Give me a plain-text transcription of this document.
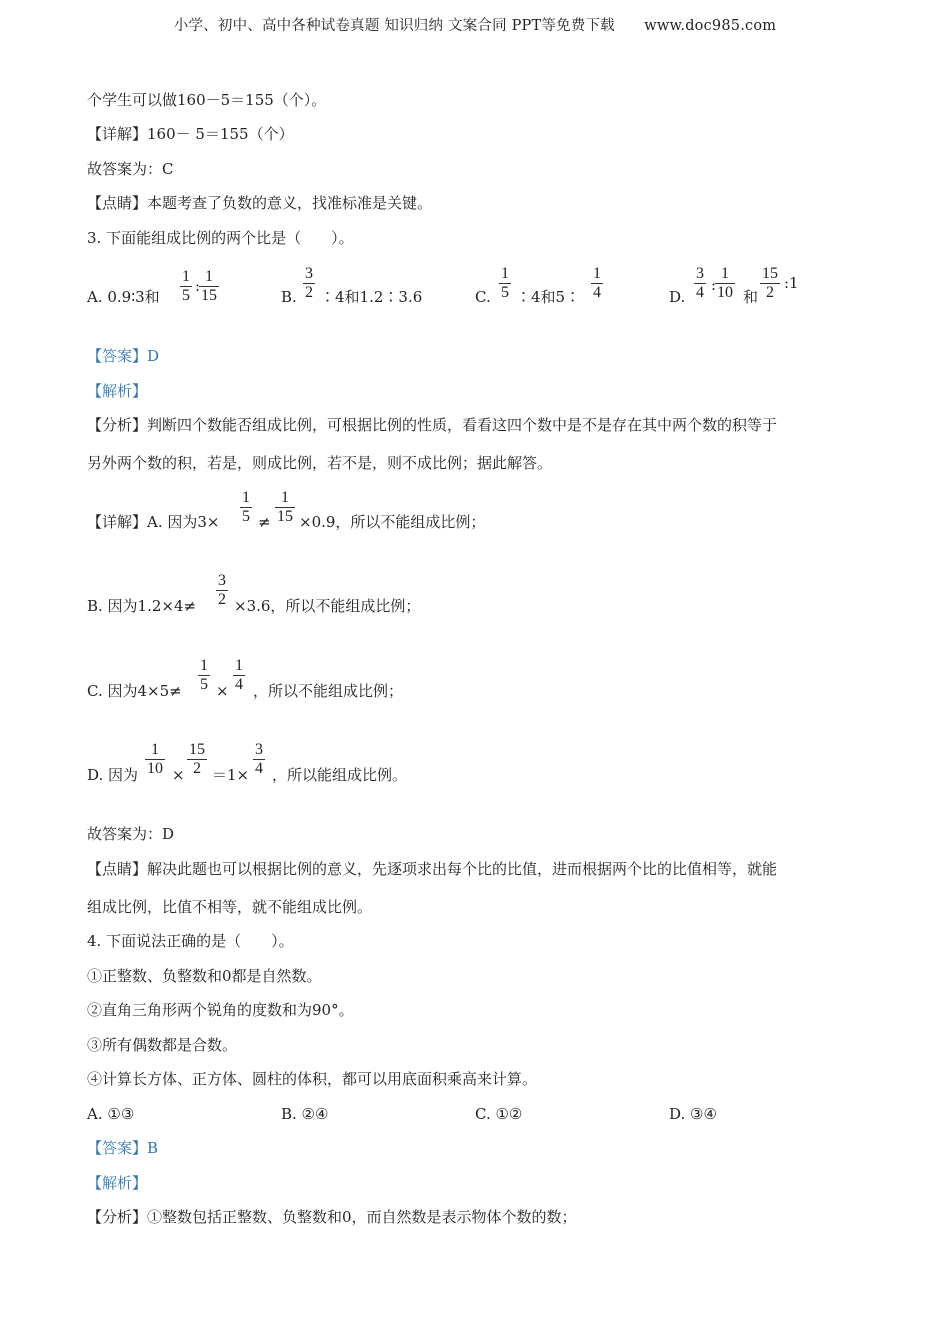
小学、初中、高中各种试卷真题 知识归纳 文案合同 PPT等免费下载　　www.doc985.com
个学生可以做160－5＝155（个）。
【详解】160－ 5＝155（个）
故答案为：C
【点睛】本题考查了负数的意义，找准标准是关键。
3. 下面能组成比例的两个比是（　　）。
A. 0.9∶3和 $\frac{1}{5}$ :
$\frac{1}{15}$	B. $\frac{3}{2}$ ∶4和1.2∶3.6	C. $\frac{1}{5}$ ∶4和5∶ $\frac{1}{4}$	D. $\frac{3}{4}$ :
$\frac{1}{10}$ 和 $\frac{15}{2}$ :1
【答案】D
【解析】
【分析】判断四个数能否组成比例，可根据比例的性质，看看这四个数中是不是存在其中两个数的积等于
另外两个数的积，若是，则成比例，若不是，则不成比例；据此解答。
【详解】A. 因为$3\times \frac{1}{5} \ne \frac{1}{15} \times 0.9$，所以不能组成比例；
B. 因为$1.2\times 4\ne \frac{3}{2} \times 3.6$，所以不能组成比例；
C. 因为$4\times 5\ne \frac{1}{5} \times \frac{1}{4}$ ，所以不能组成比例；
D. 因为 $\frac{1}{10} \times \frac{15}{2} =1\times \frac{3}{4}$ ，所以能组成比例。
故答案为：D
【点睛】解决此题也可以根据比例的意义，先逐项求出每个比的比值，进而根据两个比的比值相等，就能
组成比例，比值不相等，就不能组成比例。
4. 下面说法正确的是（　　）。
①正整数、负整数和0都是自然数。
②直角三角形两个锐角的度数和为90°。
③所有偶数都是合数。
④计算长方体、正方体、圆柱的体积，都可以用底面积乘高来计算。
A. ①③	B. ②④	C. ①②	D. ③④
【答案】B
【解析】
【分析】①整数包括正整数、负整数和0，而自然数是表示物体个数的数；
